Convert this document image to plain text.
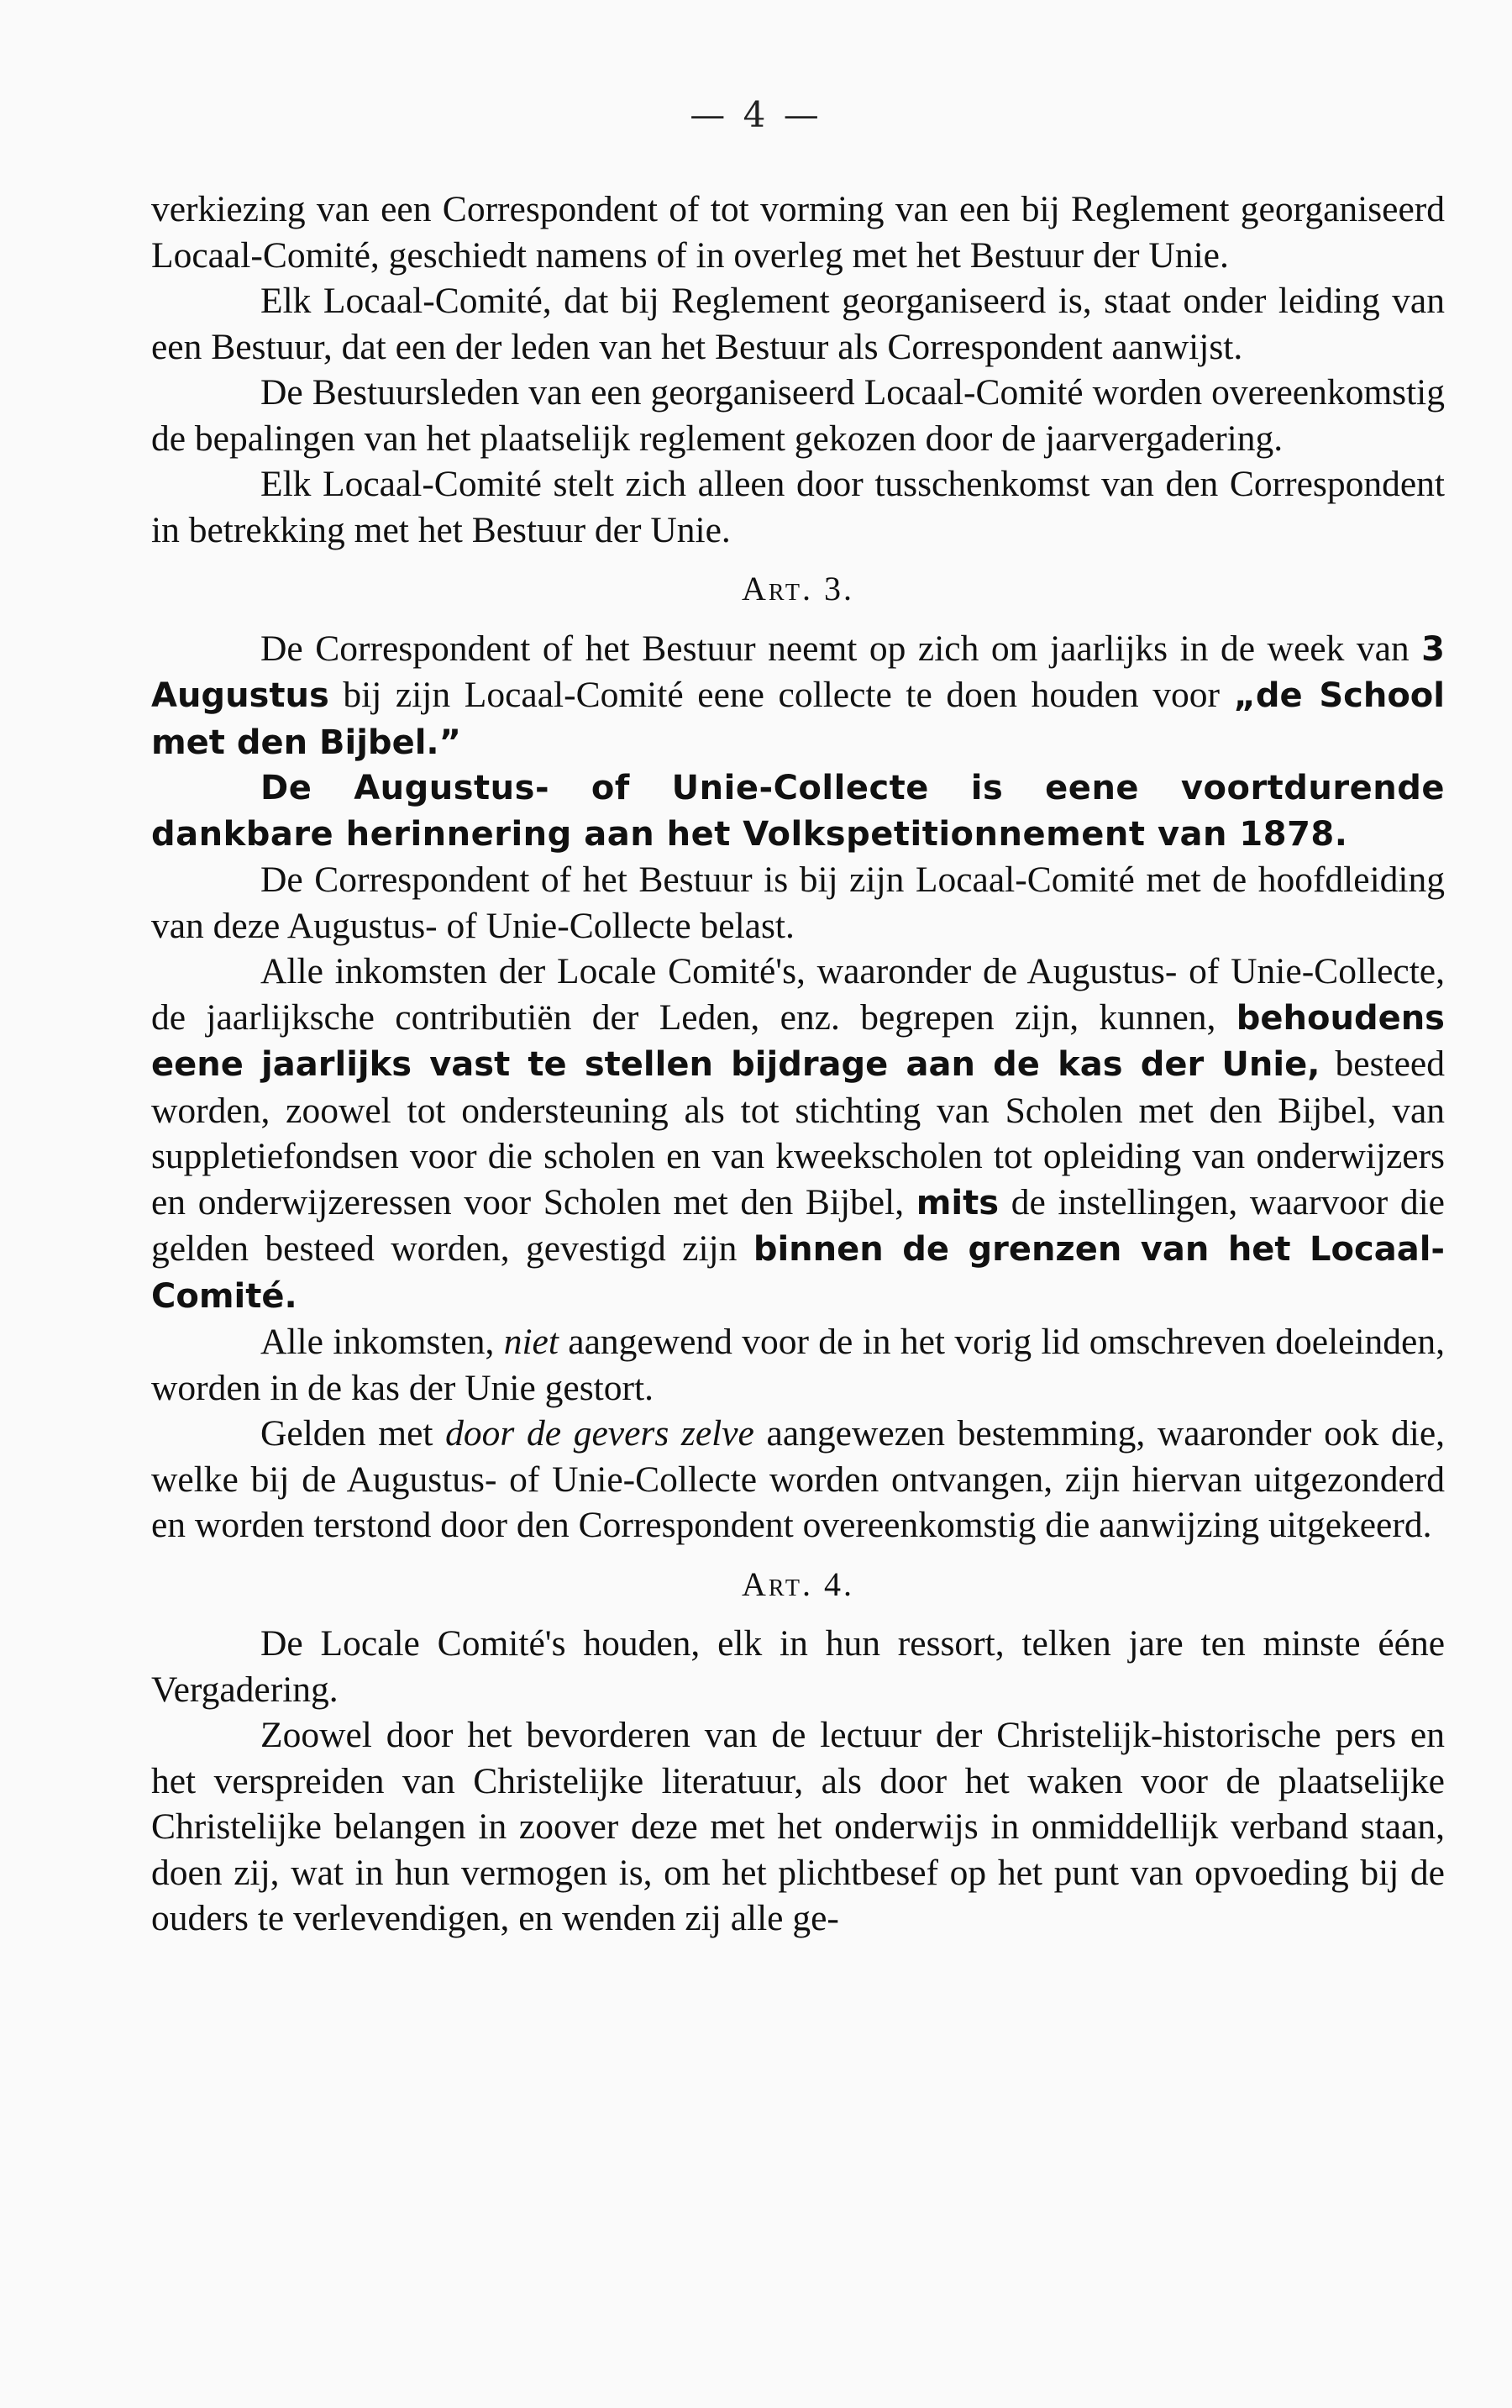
— 4 —

verkiezing van een Correspondent of tot vorming van een bij Reglement georganiseerd Locaal-Comité, geschiedt namens of in overleg met het Bestuur der Unie.

Elk Locaal-Comité, dat bij Reglement georganiseerd is, staat onder leiding van een Bestuur, dat een der leden van het Bestuur als Correspondent aanwijst.

De Bestuursleden van een georganiseerd Locaal-Comité worden overeenkomstig de bepalingen van het plaatselijk reglement gekozen door de jaarvergadering.

Elk Locaal-Comité stelt zich alleen door tusschenkomst van den Correspondent in betrekking met het Bestuur der Unie.

Art. 3.

De Correspondent of het Bestuur neemt op zich om jaarlijks in de week van 3 Augustus bij zijn Locaal-Comité eene collecte te doen houden voor „de School met den Bijbel.”

De Augustus- of Unie-Collecte is eene voortdurende dankbare herinnering aan het Volkspetitionnement van 1878.

De Correspondent of het Bestuur is bij zijn Locaal-Comité met de hoofdleiding van deze Augustus- of Unie-Collecte belast.

Alle inkomsten der Locale Comité's, waaronder de Augustus- of Unie-Collecte, de jaarlijksche contributiën der Leden, enz. begrepen zijn, kunnen, behoudens eene jaarlijks vast te stellen bijdrage aan de kas der Unie, besteed worden, zoowel tot ondersteuning als tot stichting van Scholen met den Bijbel, van suppletiefondsen voor die scholen en van kweekscholen tot opleiding van onderwijzers en onderwijzeressen voor Scholen met den Bijbel, mits de instellingen, waarvoor die gelden besteed worden, gevestigd zijn binnen de grenzen van het Locaal-Comité.

Alle inkomsten, niet aangewend voor de in het vorig lid omschreven doeleinden, worden in de kas der Unie gestort.

Gelden met door de gevers zelve aangewezen bestemming, waaronder ook die, welke bij de Augustus- of Unie-Collecte worden ontvangen, zijn hiervan uitgezonderd en worden terstond door den Correspondent overeenkomstig die aanwijzing uitgekeerd.

Art. 4.

De Locale Comité's houden, elk in hun ressort, telken jare ten minste ééne Vergadering.

Zoowel door het bevorderen van de lectuur der Christelijk-historische pers en het verspreiden van Christelijke literatuur, als door het waken voor de plaatselijke Christelijke belangen in zoover deze met het onderwijs in onmiddellijk verband staan, doen zij, wat in hun vermogen is, om het plichtbesef op het punt van opvoeding bij de ouders te verlevendigen, en wenden zij alle ge-
